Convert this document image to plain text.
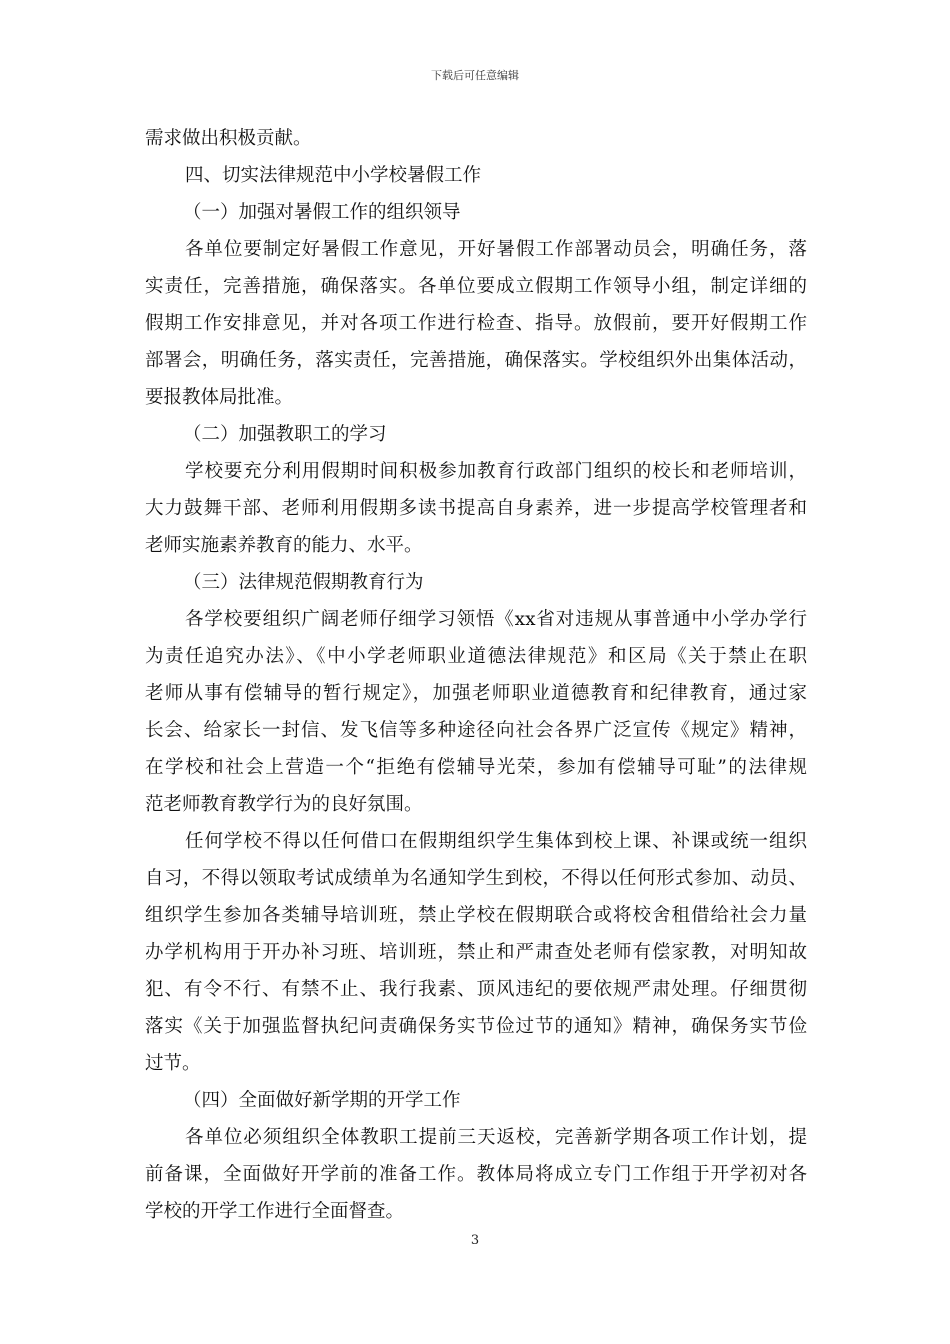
下载后可任意编辑
需求做出积极贡献。
四、切实法律规范中小学校暑假工作
（一）加强对暑假工作的组织领导
各单位要制定好暑假工作意见，开好暑假工作部署动员会，明确任务，落
实责任，完善措施，确保落实。各单位要成立假期工作领导小组，制定详细的
假期工作安排意见，并对各项工作进行检查、指导。放假前，要开好假期工作
部署会，明确任务，落实责任，完善措施，确保落实。学校组织外出集体活动，
要报教体局批准。
（二）加强教职工的学习
学校要充分利用假期时间积极参加教育行政部门组织的校长和老师培训，
大力鼓舞干部、老师利用假期多读书提高自身素养，进一步提高学校管理者和
老师实施素养教育的能力、水平。
（三）法律规范假期教育行为
各学校要组织广阔老师仔细学习领悟《xx省对违规从事普通中小学办学行
为责任追究办法》、《中小学老师职业道德法律规范》和区局《关于禁止在职
老师从事有偿辅导的暂行规定》，加强老师职业道德教育和纪律教育，通过家
长会、给家长一封信、发飞信等多种途径向社会各界广泛宣传《规定》精神，
在学校和社会上营造一个“拒绝有偿辅导光荣，参加有偿辅导可耻”的法律规
范老师教育教学行为的良好氛围。
任何学校不得以任何借口在假期组织学生集体到校上课、补课或统一组织
自习，不得以领取考试成绩单为名通知学生到校，不得以任何形式参加、动员、
组织学生参加各类辅导培训班，禁止学校在假期联合或将校舍租借给社会力量
办学机构用于开办补习班、培训班，禁止和严肃查处老师有偿家教，对明知故
犯、有令不行、有禁不止、我行我素、顶风违纪的要依规严肃处理。仔细贯彻
落实《关于加强监督执纪问责确保务实节俭过节的通知》精神，确保务实节俭
过节。
（四）全面做好新学期的开学工作
各单位必须组织全体教职工提前三天返校，完善新学期各项工作计划，提
前备课，全面做好开学前的准备工作。教体局将成立专门工作组于开学初对各
学校的开学工作进行全面督查。
3
